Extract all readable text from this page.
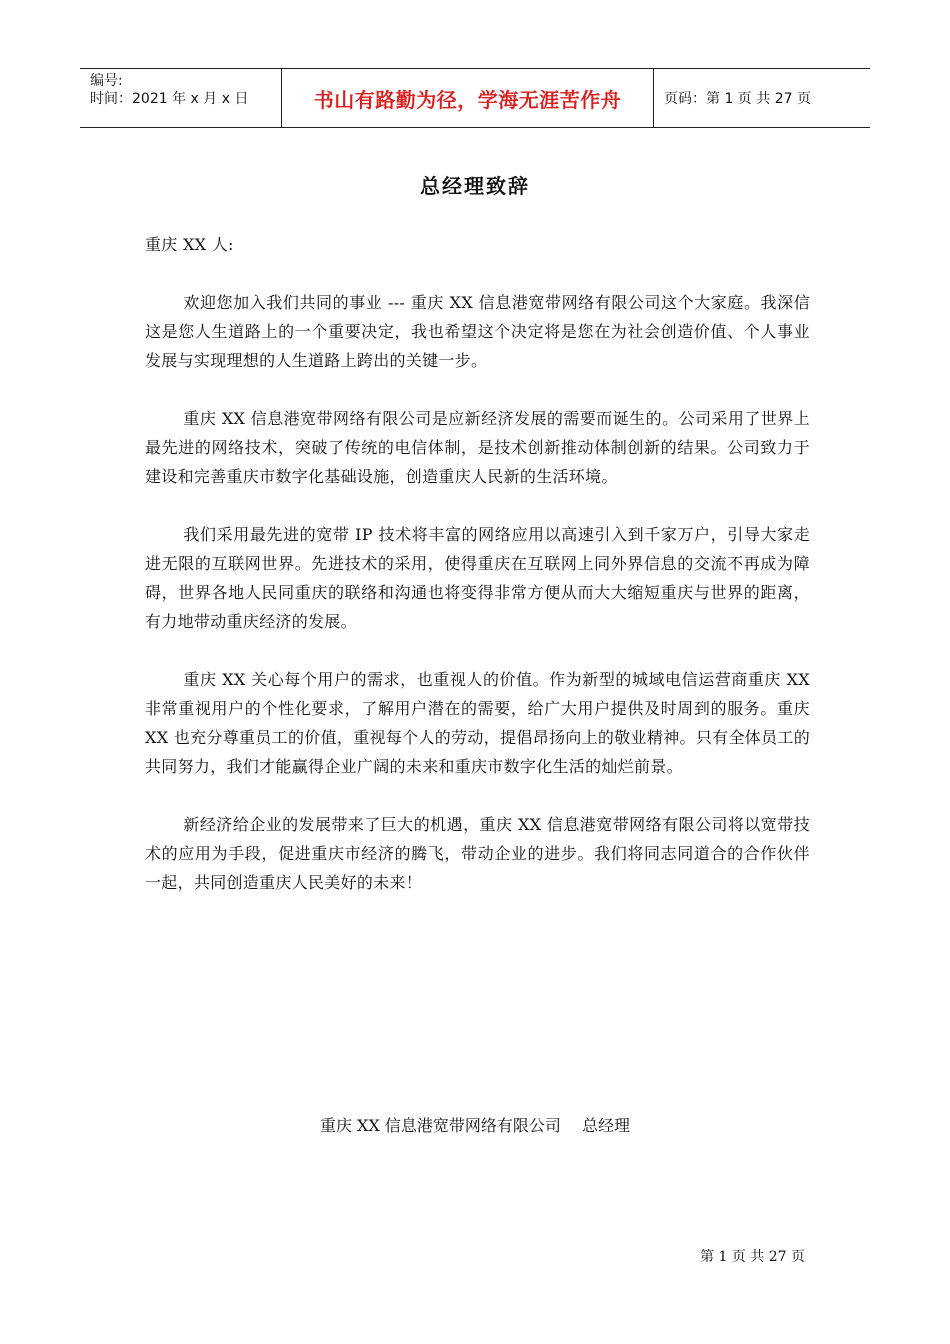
编号:
时间：2021 年 x 月 x 日	书山有路勤为径，学海无涯苦作舟	页码：第 1 页 共 27 页
总经理致辞

重庆 XX 人:

欢迎您加入我们共同的事业 --- 重庆 XX 信息港宽带网络有限公司这个大家庭。我深信这是您人生道路上的一个重要决定，我也希望这个决定将是您在为社会创造价值、个人事业发展与实现理想的人生道路上跨出的关键一步。

重庆 XX 信息港宽带网络有限公司是应新经济发展的需要而诞生的。公司采用了世界上最先进的网络技术，突破了传统的电信体制，是技术创新推动体制创新的结果。公司致力于建设和完善重庆市数字化基础设施，创造重庆人民新的生活环境。

我们采用最先进的宽带 IP 技术将丰富的网络应用以高速引入到千家万户，引导大家走进无限的互联网世界。先进技术的采用，使得重庆在互联网上同外界信息的交流不再成为障碍，世界各地人民同重庆的联络和沟通也将变得非常方便从而大大缩短重庆与世界的距离，有力地带动重庆经济的发展。

重庆 XX 关心每个用户的需求，也重视人的价值。作为新型的城域电信运营商重庆 XX 非常重视用户的个性化要求，了解用户潜在的需要，给广大用户提供及时周到的服务。重庆 XX 也充分尊重员工的价值，重视每个人的劳动，提倡昂扬向上的敬业精神。只有全体员工的共同努力，我们才能赢得企业广阔的未来和重庆市数字化生活的灿烂前景。

新经济给企业的发展带来了巨大的机遇，重庆 XX 信息港宽带网络有限公司将以宽带技术的应用为手段，促进重庆市经济的腾飞，带动企业的进步。我们将同志同道合的合作伙伴一起，共同创造重庆人民美好的未来！

重庆 XX 信息港宽带网络有限公司　 总经理
第 1 页 共 27 页
